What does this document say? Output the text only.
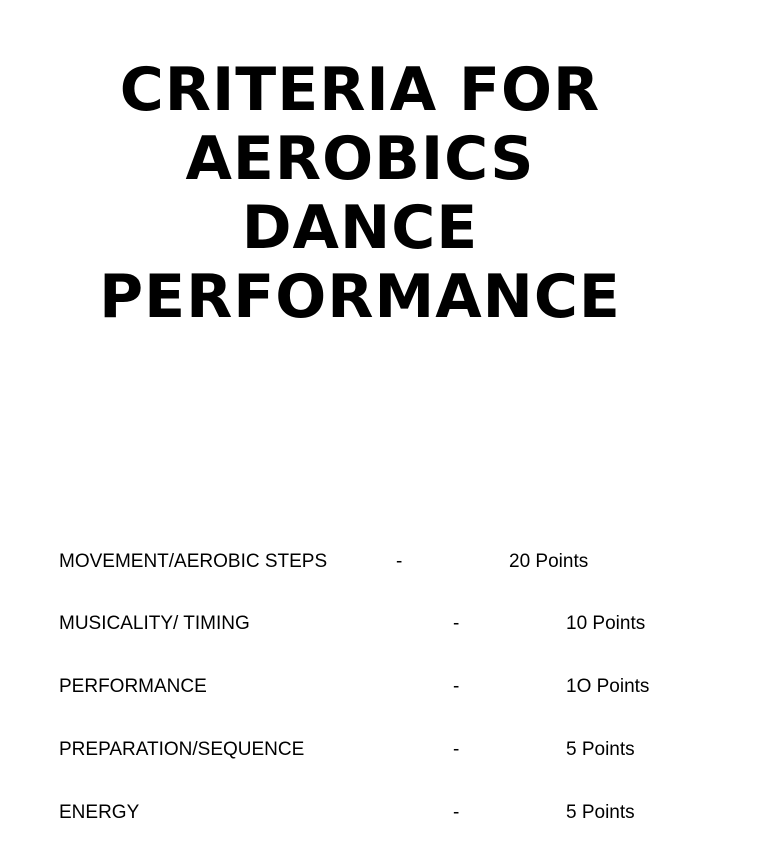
CRITERIA FOR
AEROBICS
DANCE
PERFORMANCE
MOVEMENT/AEROBIC STEPS	-	20 Points
MUSICALITY/ TIMING	-	10 Points
PERFORMANCE	-	1O Points
PREPARATION/SEQUENCE	-	5 Points
ENERGY	-	5 Points
